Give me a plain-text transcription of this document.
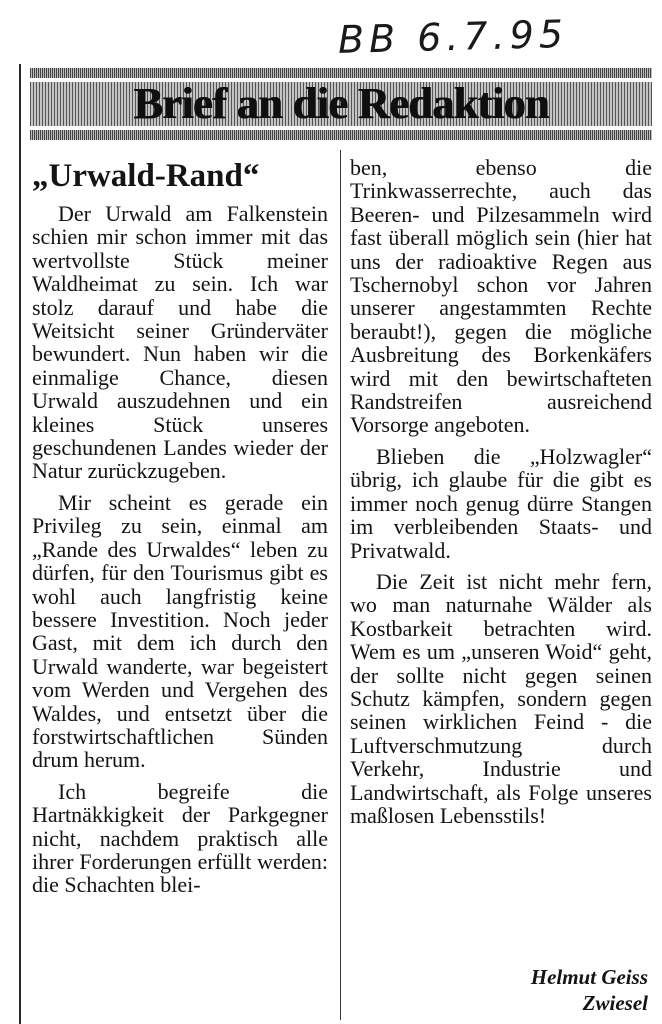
BB 6.7.95
Brief an die Redaktion
„Urwald-Rand“

Der Urwald am Falkenstein schien mir schon immer mit das wertvollste Stück meiner Waldheimat zu sein. Ich war stolz darauf und habe die Weitsicht seiner Gründerväter bewundert. Nun haben wir die einmalige Chance, diesen Urwald auszudehnen und ein kleines Stück unseres geschundenen Landes wieder der Natur zurückzugeben.

Mir scheint es gerade ein Privileg zu sein, einmal am „Rande des Urwaldes“ leben zu dürfen, für den Tourismus gibt es wohl auch langfristig keine bessere Investition. Noch jeder Gast, mit dem ich durch den Urwald wanderte, war begeistert vom Werden und Vergehen des Waldes, und entsetzt über die forstwirtschaftlichen Sünden drum herum.

Ich begreife die Hartnäkkigkeit der Parkgegner nicht, nachdem praktisch alle ihrer Forderungen erfüllt werden: die Schachten blei-

ben, ebenso die Trinkwasserrechte, auch das Beeren- und Pilzesammeln wird fast überall möglich sein (hier hat uns der radioaktive Regen aus Tschernobyl schon vor Jahren unserer angestammten Rechte beraubt!), gegen die mögliche Ausbreitung des Borkenkäfers wird mit den bewirtschafteten Randstreifen ausreichend Vorsorge angeboten.

Blieben die „Holzwagler“ übrig, ich glaube für die gibt es immer noch genug dürre Stangen im verbleibenden Staats- und Privatwald.

Die Zeit ist nicht mehr fern, wo man naturnahe Wälder als Kostbarkeit betrachten wird. Wem es um „unseren Woid“ geht, der sollte nicht gegen seinen Schutz kämpfen, sondern gegen seinen wirklichen Feind - die Luftverschmutzung durch Verkehr, Industrie und Landwirtschaft, als Folge unseres maßlosen Lebensstils!

Helmut Geiss
Zwiesel
